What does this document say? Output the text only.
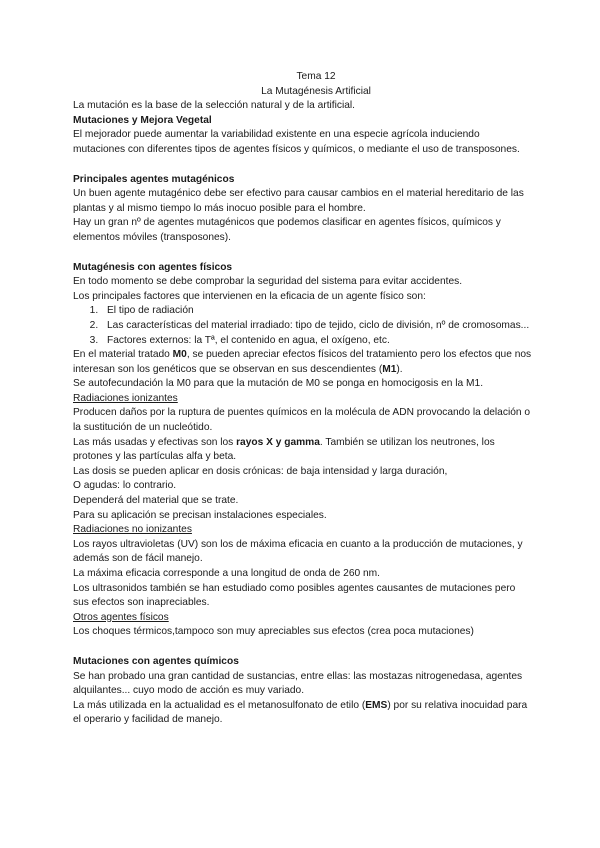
Tema 12

La Mutagénesis Artificial

La mutación es la base de la selección natural y de la artificial.

Mutaciones y Mejora Vegetal

El mejorador puede aumentar la variabilidad existente en una especie agrícola induciendo mutaciones con diferentes tipos de agentes físicos y químicos, o mediante el uso de transposones.

Principales agentes mutagénicos

Un buen agente mutagénico debe ser efectivo para causar cambios en el material hereditario de las plantas y al mismo tiempo lo más inocuo posible para el hombre.

Hay un gran nº de agentes mutagénicos que podemos clasificar en agentes físicos, químicos y elementos móviles (transposones).

Mutagénesis con agentes físicos

En todo momento se debe comprobar la seguridad del sistema para evitar accidentes.

Los principales factores que intervienen en la eficacia de un agente físico son:

1. El tipo de radiación
2. Las características del material irradiado: tipo de tejido, ciclo de división, nº de cromosomas...
3. Factores externos: la Tª, el contenido en agua, el oxígeno, etc.

En el material tratado M0, se pueden apreciar efectos físicos del tratamiento pero los efectos que nos interesan son los genéticos que se observan en sus descendientes (M1).

Se autofecundación la M0 para que la mutación de M0 se ponga en homocigosis en la M1.

Radiaciones ionizantes

Producen daños por la ruptura de puentes químicos en la molécula de ADN provocando la delación o la sustitución de un nucleótido.

Las más usadas y efectivas son los rayos X y gamma. También se utilizan los neutrones, los protones y las partículas alfa y beta.

Las dosis se pueden aplicar en dosis crónicas: de baja intensidad y larga duración,

O agudas: lo contrario.

Dependerá del material que se trate.

Para su aplicación se precisan instalaciones especiales.

Radiaciones no ionizantes

Los rayos ultravioletas (UV) son los de máxima eficacia en cuanto a la producción de mutaciones, y además son de fácil manejo.

La máxima eficacia corresponde a una longitud de onda de 260 nm.

Los ultrasonidos también se han estudiado como posibles agentes causantes de mutaciones pero sus efectos son inapreciables.

Otros agentes físicos

Los choques térmicos,tampoco son muy apreciables sus efectos (crea poca mutaciones)

Mutaciones con agentes químicos

Se han probado una gran cantidad de sustancias, entre ellas: las mostazas nitrogenedasa, agentes alquilantes... cuyo modo de acción es muy variado.

La más utilizada en la actualidad es el metanosulfonato de etilo (EMS) por su relativa inocuidad para el operario y facilidad de manejo.
